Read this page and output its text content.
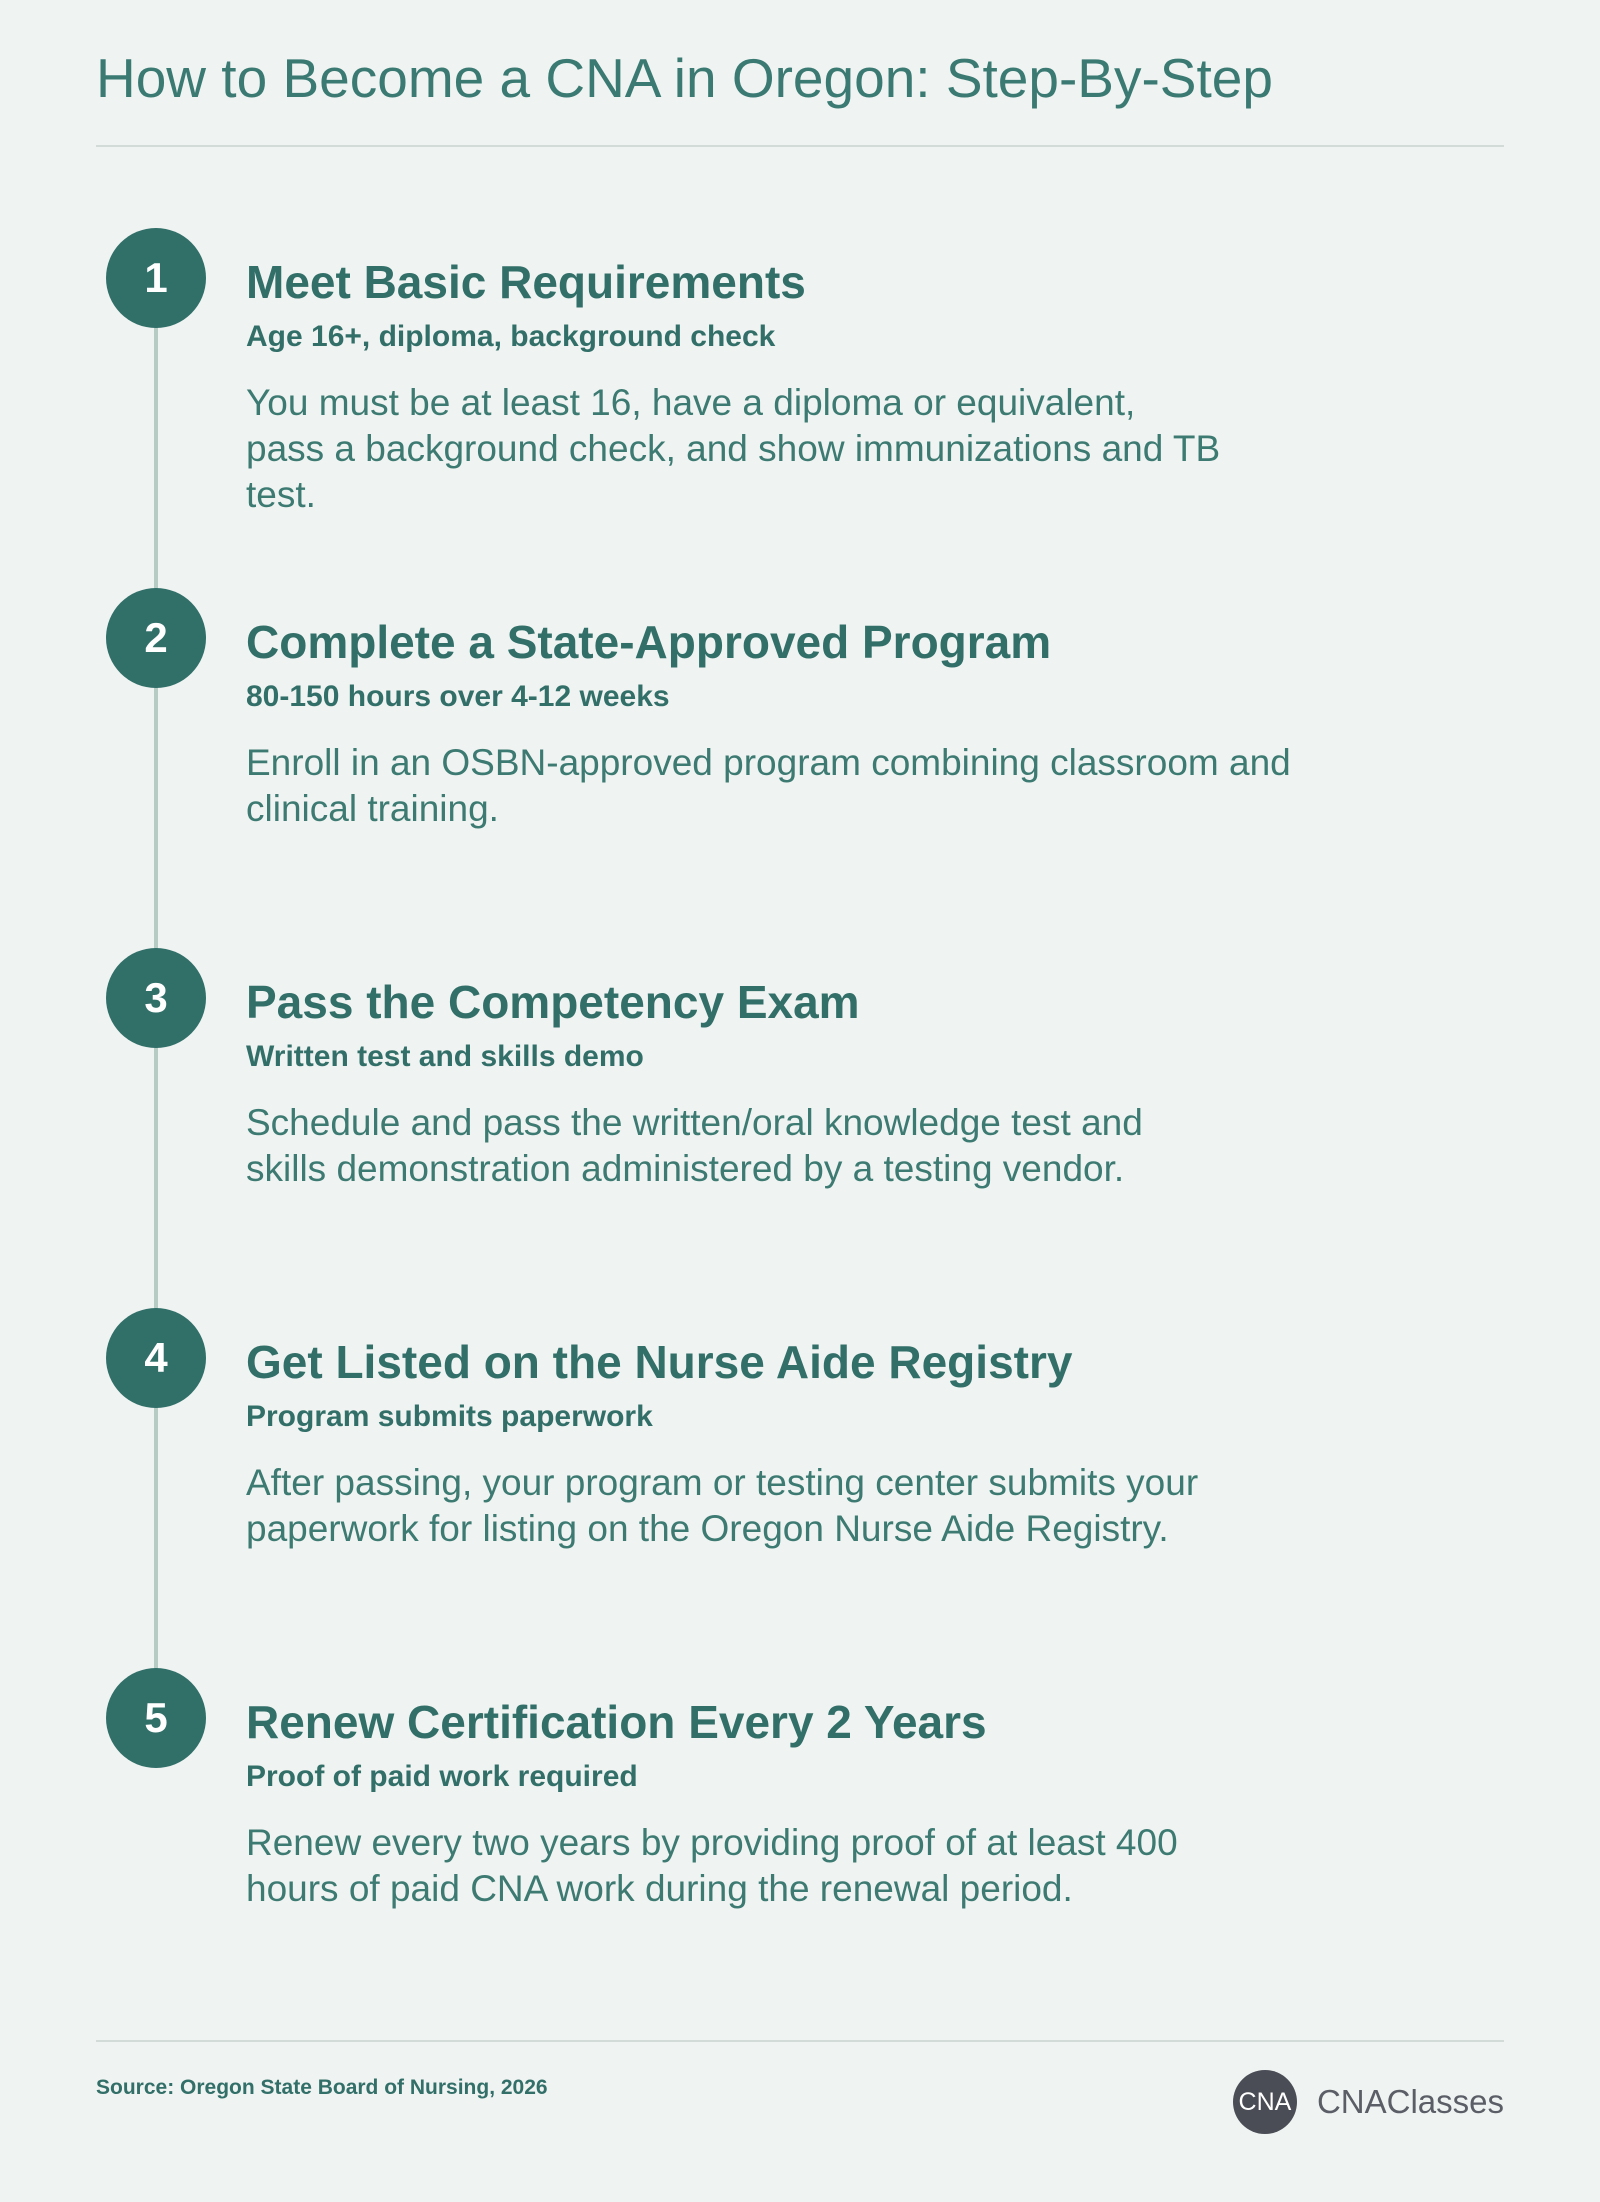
How to Become a CNA in Oregon: Step-By-Step
1	Meet Basic Requirements

Age 16+, diploma, background check

You must be at least 16, have a diploma or equivalent,
pass a background check, and show immunizations and TB
test.

2	Complete a State-Approved Program

80-150 hours over 4-12 weeks

Enroll in an OSBN-approved program combining classroom and
clinical training.

3	Pass the Competency Exam

Written test and skills demo

Schedule and pass the written/oral knowledge test and
skills demonstration administered by a testing vendor.

4	Get Listed on the Nurse Aide Registry

Program submits paperwork

After passing, your program or testing center submits your
paperwork for listing on the Oregon Nurse Aide Registry.

5	Renew Certification Every 2 Years

Proof of paid work required

Renew every two years by providing proof of at least 400
hours of paid CNA work during the renewal period.

Source: Oregon State Board of Nursing, 2026

CNA CNAClasses
